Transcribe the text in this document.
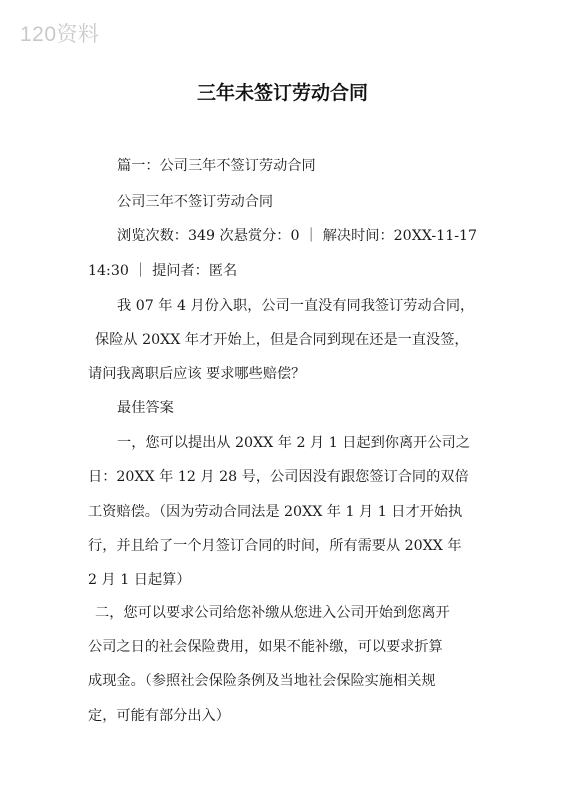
120资料
三年未签订劳动合同
篇一：公司三年不签订劳动合同
公司三年不签订劳动合同
浏览次数：349 次悬赏分：0 ｜ 解决时间：20XX-11-17
14:30 ｜ 提问者：匿名
我 07 年 4 月份入职，公司一直没有同我签订劳动合同，
保险从 20XX 年才开始上，但是合同到现在还是一直没签，
请问我离职后应该 要求哪些赔偿？
最佳答案
一，您可以提出从 20XX 年 2 月 1 日起到你离开公司之
日：20XX 年 12 月 28 号，公司因没有跟您签订合同的双倍
工资赔偿。（因为劳动合同法是 20XX 年 1 月 1 日才开始执
行，并且给了一个月签订合同的时间，所有需要从 20XX 年
2 月 1 日起算）
二，您可以要求公司给您补缴从您进入公司开始到您离开
公司之日的社会保险费用，如果不能补缴，可以要求折算
成现金。（参照社会保险条例及当地社会保险实施相关规
定，可能有部分出入）
